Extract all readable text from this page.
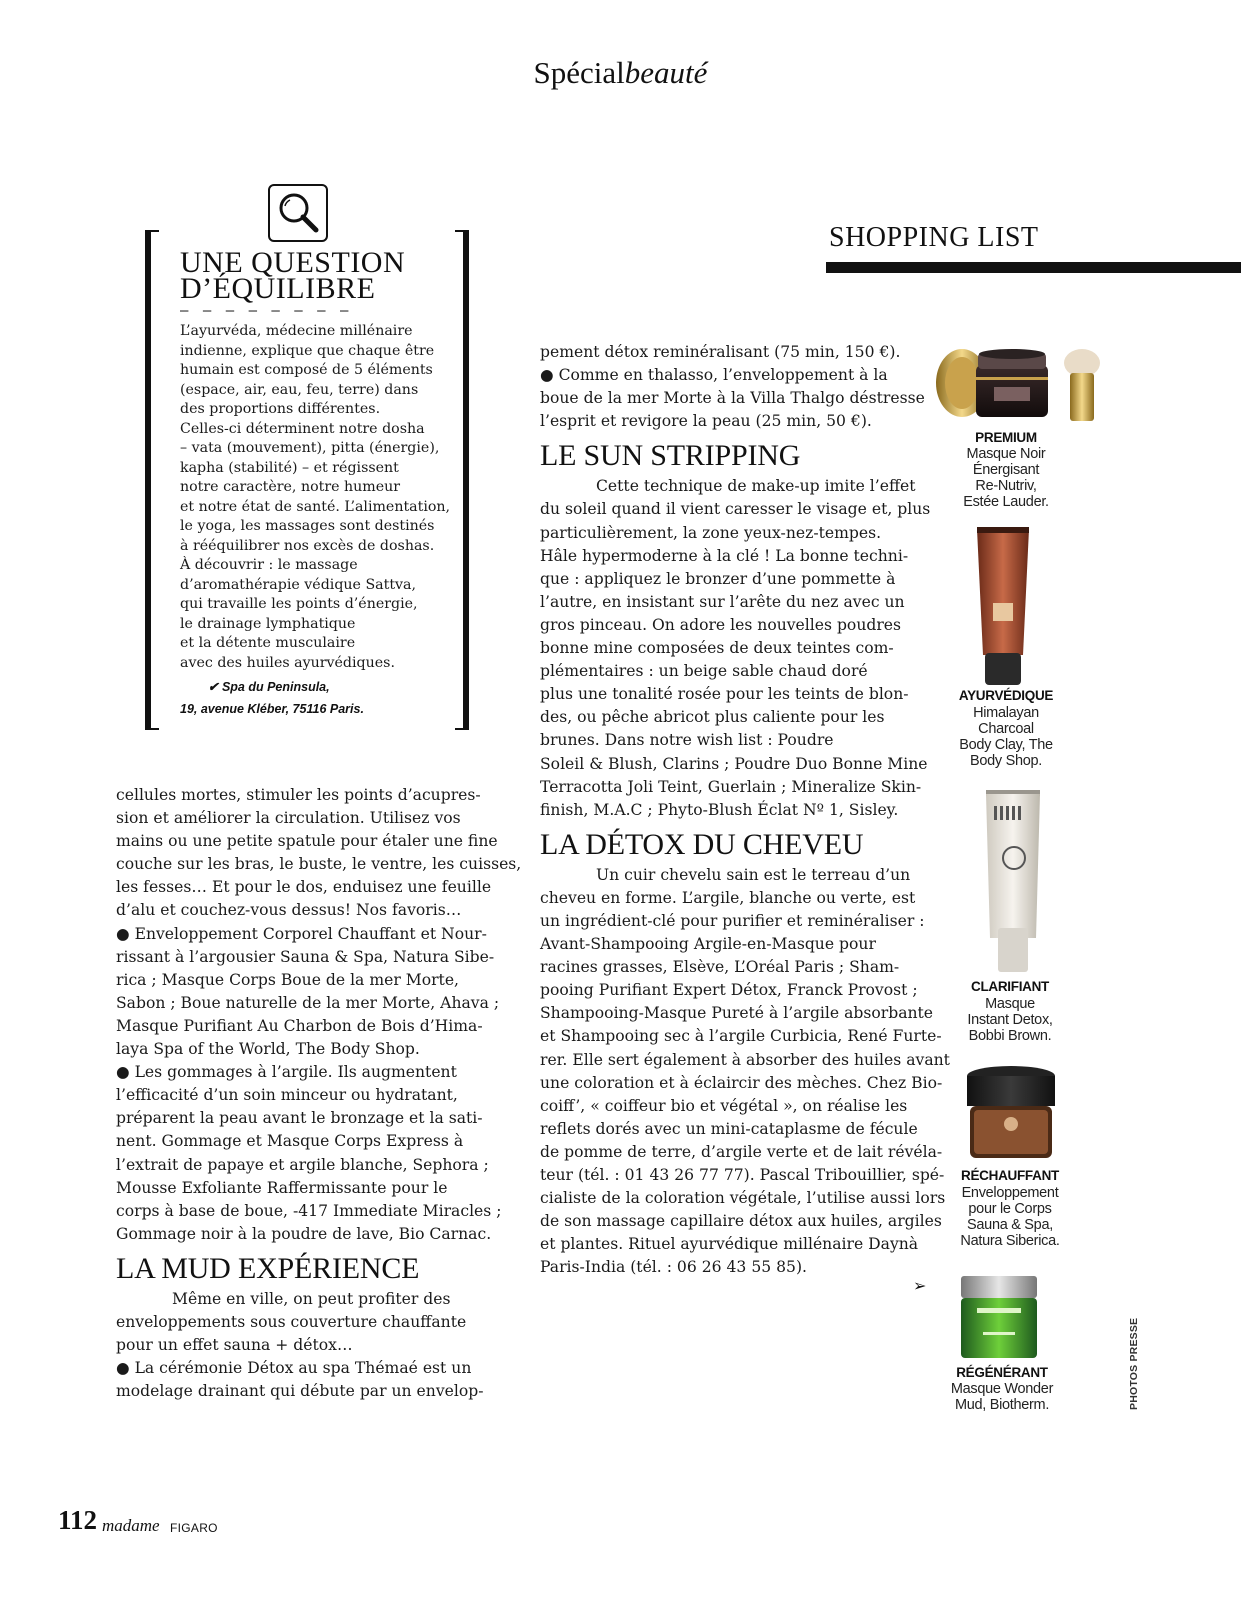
Spécialbeauté
UNE QUESTION
D’ÉQUILIBRE
— — — — — — — —

L’ayurvéda, médecine millénaire

indienne, explique que chaque être

humain est composé de 5 éléments

(espace, air, eau, feu, terre) dans

des proportions différentes.

Celles-ci déterminent notre dosha

– vata (mouvement), pitta (énergie),

kapha (stabilité) – et régissent

notre caractère, notre humeur

et notre état de santé. L’alimentation,

le yoga, les massages sont destinés

à rééquilibrer nos excès de doshas.

À découvrir : le massage

d’aromathérapie védique Sattva,

qui travaille les points d’énergie,

le drainage lymphatique

et la détente musculaire

avec des huiles ayurvédiques.

✔ Spa du Peninsula,
19, avenue Kléber, 75116 Paris.

cellules mortes, stimuler les points d’acupres-

sion et améliorer la circulation. Utilisez vos

mains ou une petite spatule pour étaler une fine

couche sur les bras, le buste, le ventre, les cuisses,

les fesses… Et pour le dos, enduisez une feuille

d’alu et couchez-vous dessus! Nos favoris…

● Enveloppement Corporel Chauffant et Nour-

rissant à l’argousier Sauna & Spa, Natura Sibe-

rica ; Masque Corps Boue de la mer Morte,

Sabon ; Boue naturelle de la mer Morte, Ahava ;

Masque Purifiant Au Charbon de Bois d’Hima-

laya Spa of the World, The Body Shop.

● Les gommages à l’argile. Ils augmentent

l’efficacité d’un soin minceur ou hydratant,

préparent la peau avant le bronzage et la sati-

nent. Gommage et Masque Corps Express à

l’extrait de papaye et argile blanche, Sephora ;

Mousse Exfoliante Raffermissante pour le

corps à base de boue, -417 Immediate Miracles ;

Gommage noir à la poudre de lave, Bio Carnac.

LA MUD EXPÉRIENCE

Même en ville, on peut profiter des

enveloppements sous couverture chauffante

pour un effet sauna + détox…

● La cérémonie Détox au spa Thémaé est un

modelage drainant qui débute par un envelop-

pement détox reminéralisant (75 min, 150 €).

● Comme en thalasso, l’enveloppement à la

boue de la mer Morte à la Villa Thalgo déstresse

l’esprit et revigore la peau (25 min, 50 €).

LE SUN STRIPPING

Cette technique de make-up imite l’effet

du soleil quand il vient caresser le visage et, plus

particulièrement, la zone yeux-nez-tempes.

Hâle hypermoderne à la clé ! La bonne techni-

que : appliquez le bronzer d’une pommette à

l’autre, en insistant sur l’arête du nez avec un

gros pinceau. On adore les nouvelles poudres

bonne mine composées de deux teintes com-

plémentaires : un beige sable chaud doré

plus une tonalité rosée pour les teints de blon-

des, ou pêche abricot plus caliente pour les

brunes. Dans notre wish list : Poudre

Soleil & Blush, Clarins ; Poudre Duo Bonne Mine

Terracotta Joli Teint, Guerlain ; Mineralize Skin-

finish, M.A.C ; Phyto-Blush Éclat Nº 1, Sisley.

LA DÉTOX DU CHEVEU

Un cuir chevelu sain est le terreau d’un

cheveu en forme. L’argile, blanche ou verte, est

un ingrédient-clé pour purifier et reminéraliser :

Avant-Shampooing Argile-en-Masque pour

racines grasses, Elsève, L’Oréal Paris ; Sham-

pooing Purifiant Expert Détox, Franck Provost ;

Shampooing-Masque Pureté à l’argile absorbante

et Shampooing sec à l’argile Curbicia, René Furte-

rer. Elle sert également à absorber des huiles avant

une coloration et à éclaircir des mèches. Chez Bio-

coiff’, « coiffeur bio et végétal », on réalise les

reflets dorés avec un mini-cataplasme de fécule

de pomme de terre, d’argile verte et de lait révéla-

teur (tél. : 01 43 26 77 77). Pascal Tribouillier, spé-

cialiste de la coloration végétale, l’utilise aussi lors

de son massage capillaire détox aux huiles, argiles

et plantes. Rituel ayurvédique millénaire Daynà

Paris-India (tél. : 06 26 43 55 85).

SHOPPING LIST
PREMIUM

Masque Noir

Énergisant

Re-Nutriv,

Estée Lauder.

AYURVÉDIQUE

Himalayan

Charcoal

Body Clay, The

Body Shop.

CLARIFIANT

Masque

Instant Detox,

Bobbi Brown.

RÉCHAUFFANT

Enveloppement

pour le Corps

Sauna & Spa,

Natura Siberica.

➢
RÉGÉNÉRANT

Masque Wonder

Mud, Biotherm.	PHOTOS PRESSE
112 madame FIGARO
